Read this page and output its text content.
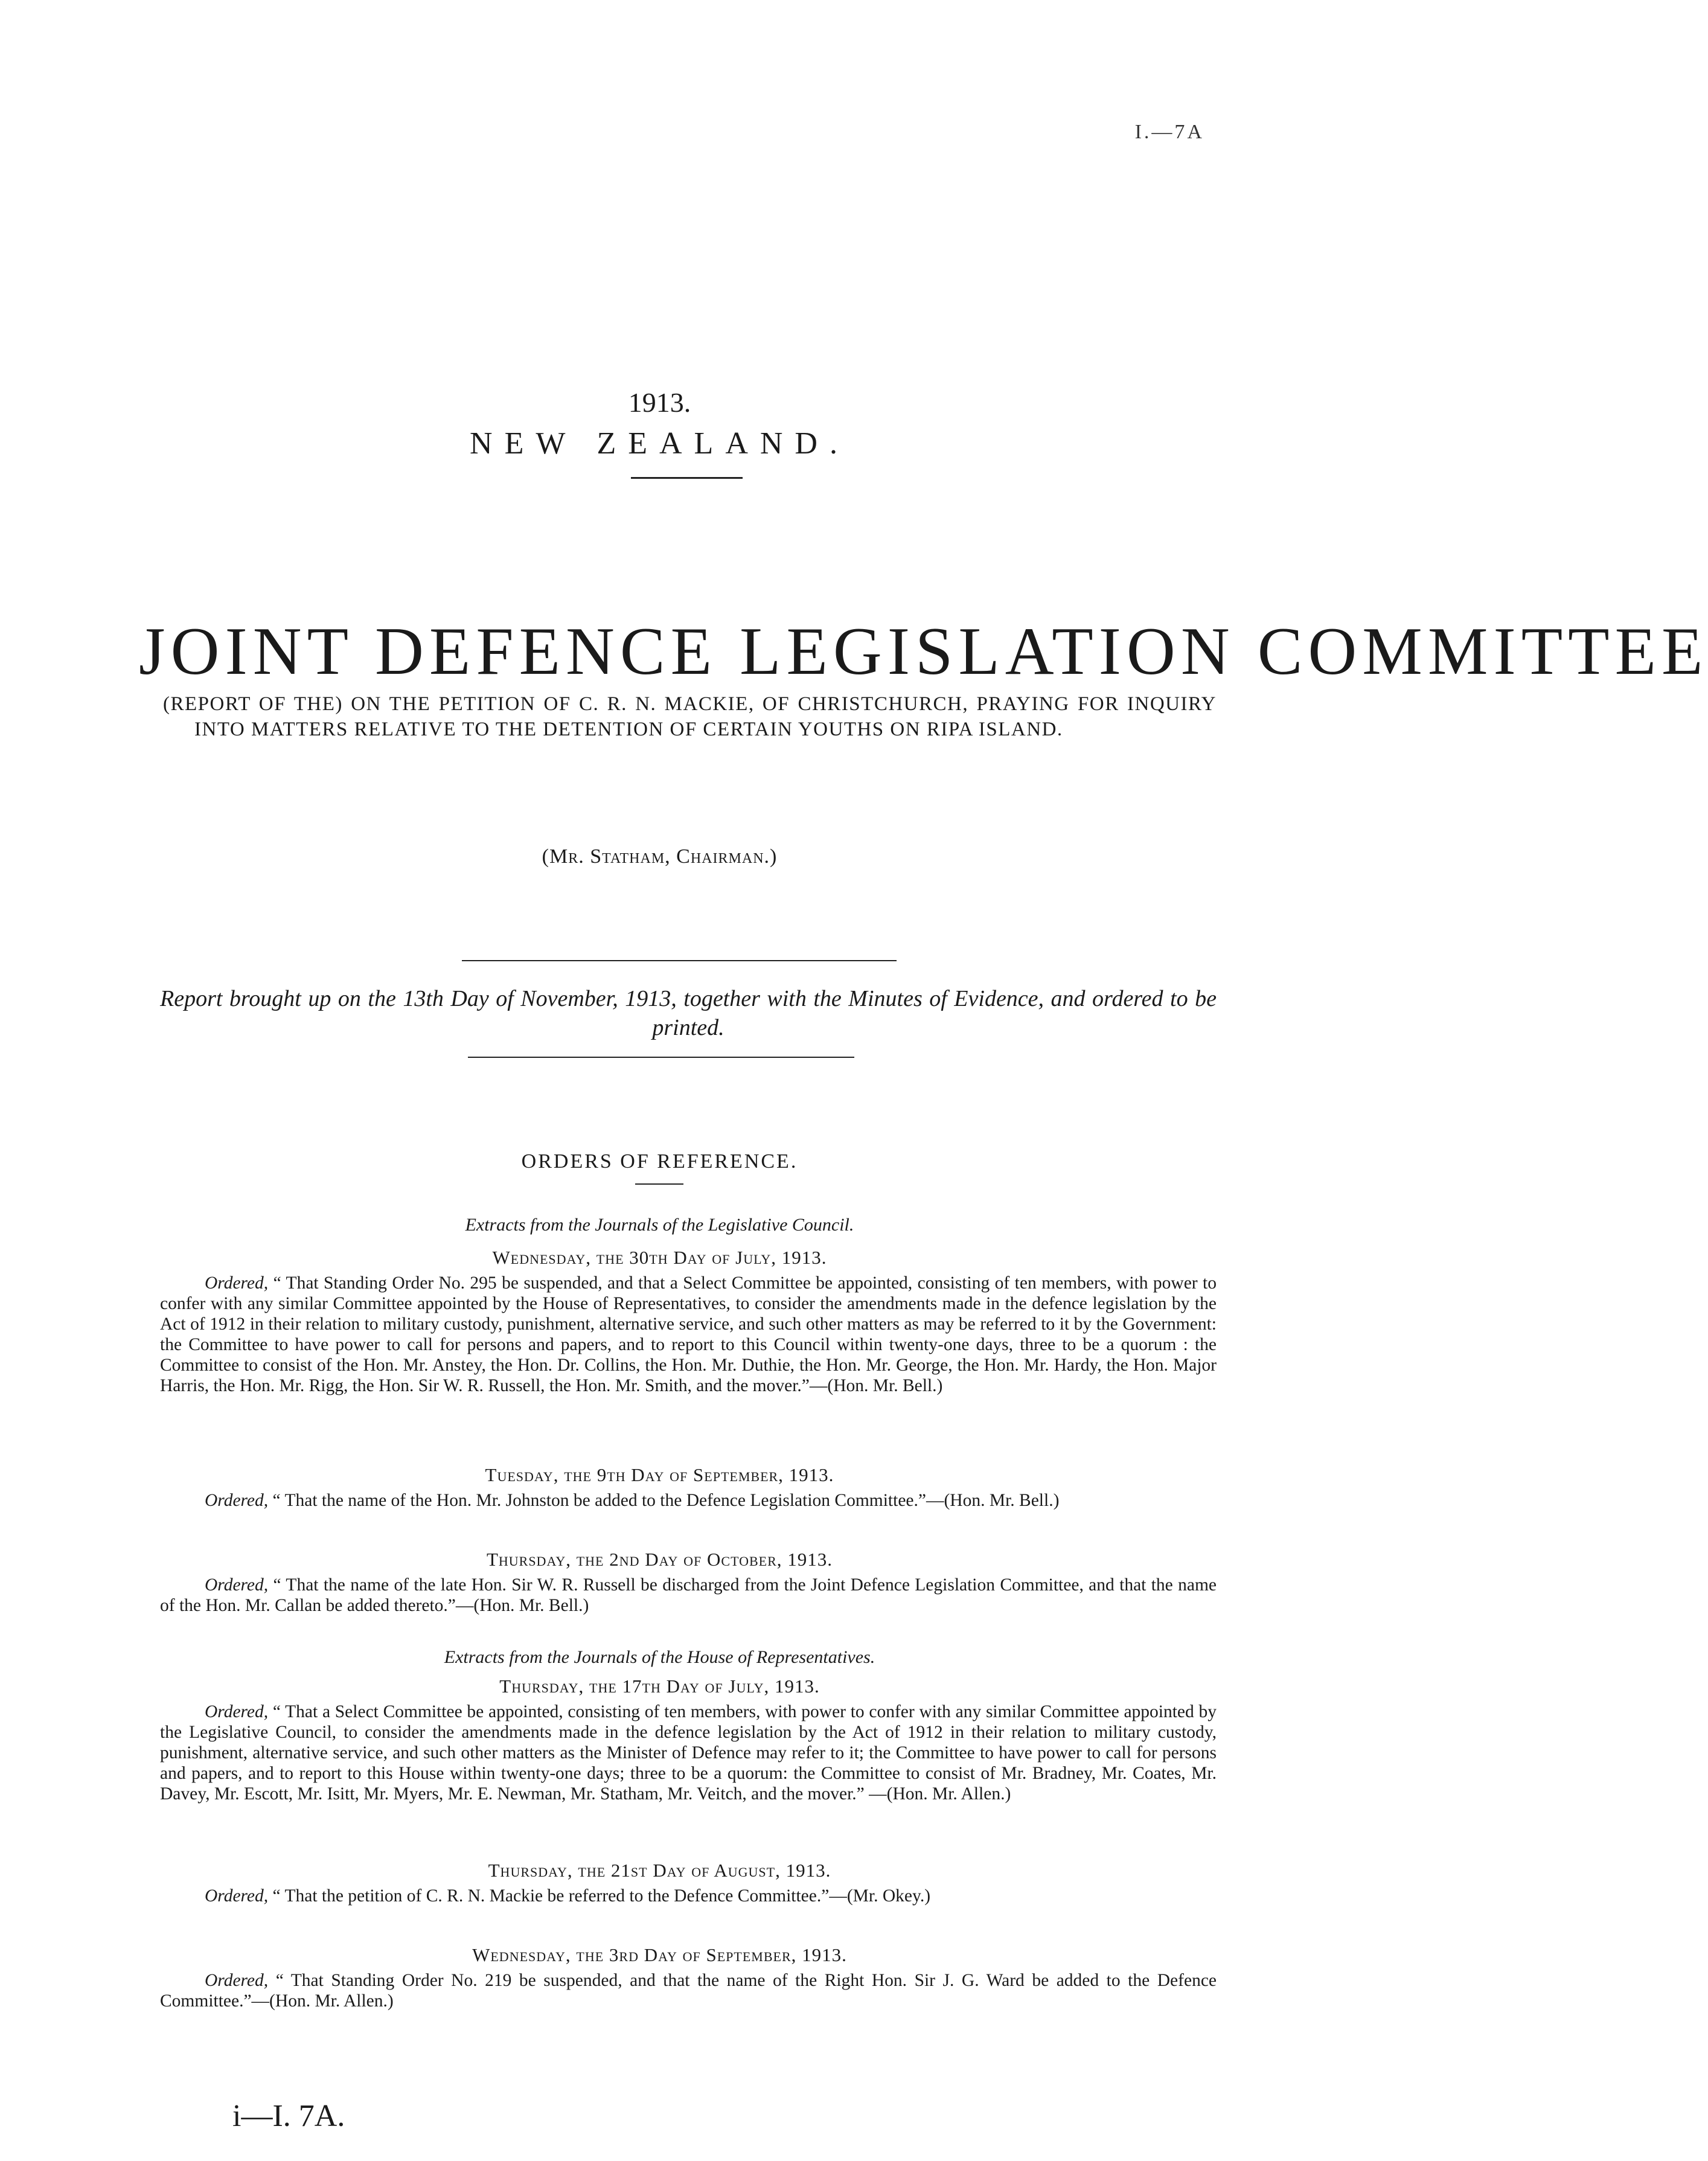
I.—7A
1913.
NEW ZEALAND.
JOINT DEFENCE LEGISLATION COMMITTEE
(REPORT OF THE) ON THE PETITION OF C. R. N. MACKIE, OF CHRISTCHURCH, PRAYING FOR INQUIRY INTO MATTERS RELATIVE TO THE DETENTION OF CERTAIN YOUTHS ON RIPA ISLAND.
(Mr. Statham, Chairman.)
Report brought up on the 13th Day of November, 1913, together with the Minutes of Evidence, and ordered to be printed.
ORDERS OF REFERENCE.
Extracts from the Journals of the Legislative Council.
Wednesday, the 30th Day of July, 1913.

Ordered, “ That Standing Order No. 295 be suspended, and that a Select Committee be appointed, consisting of ten members, with power to confer with any similar Committee appointed by the House of Representatives, to consider the amendments made in the defence legislation by the Act of 1912 in their relation to military custody, punishment, alternative service, and such other matters as may be referred to it by the Government: the Committee to have power to call for persons and papers, and to report to this Council within twenty-one days, three to be a quorum : the Committee to consist of the Hon. Mr. Anstey, the Hon. Dr. Collins, the Hon. Mr. Duthie, the Hon. Mr. George, the Hon. Mr. Hardy, the Hon. Major Harris, the Hon. Mr. Rigg, the Hon. Sir W. R. Russell, the Hon. Mr. Smith, and the mover.”—(Hon. Mr. Bell.)

Tuesday, the 9th Day of September, 1913.

Ordered, “ That the name of the Hon. Mr. Johnston be added to the Defence Legislation Committee.”—(Hon. Mr. Bell.)

Thursday, the 2nd Day of October, 1913.

Ordered, “ That the name of the late Hon. Sir W. R. Russell be discharged from the Joint Defence Legislation Committee, and that the name of the Hon. Mr. Callan be added thereto.”—(Hon. Mr. Bell.)

Extracts from the Journals of the House of Representatives.
Thursday, the 17th Day of July, 1913.

Ordered, “ That a Select Committee be appointed, consisting of ten members, with power to confer with any similar Committee appointed by the Legislative Council, to consider the amendments made in the defence legislation by the Act of 1912 in their relation to military custody, punishment, alternative service, and such other matters as the Minister of Defence may refer to it; the Committee to have power to call for persons and papers, and to report to this House within twenty-one days; three to be a quorum: the Committee to consist of Mr. Bradney, Mr. Coates, Mr. Davey, Mr. Escott, Mr. Isitt, Mr. Myers, Mr. E. Newman, Mr. Statham, Mr. Veitch, and the mover.” —(Hon. Mr. Allen.)

Thursday, the 21st Day of August, 1913.

Ordered, “ That the petition of C. R. N. Mackie be referred to the Defence Committee.”—(Mr. Okey.)

Wednesday, the 3rd Day of September, 1913.

Ordered, “ That Standing Order No. 219 be suspended, and that the name of the Right Hon. Sir J. G. Ward be added to the Defence Committee.”—(Hon. Mr. Allen.)

i—I. 7A.
